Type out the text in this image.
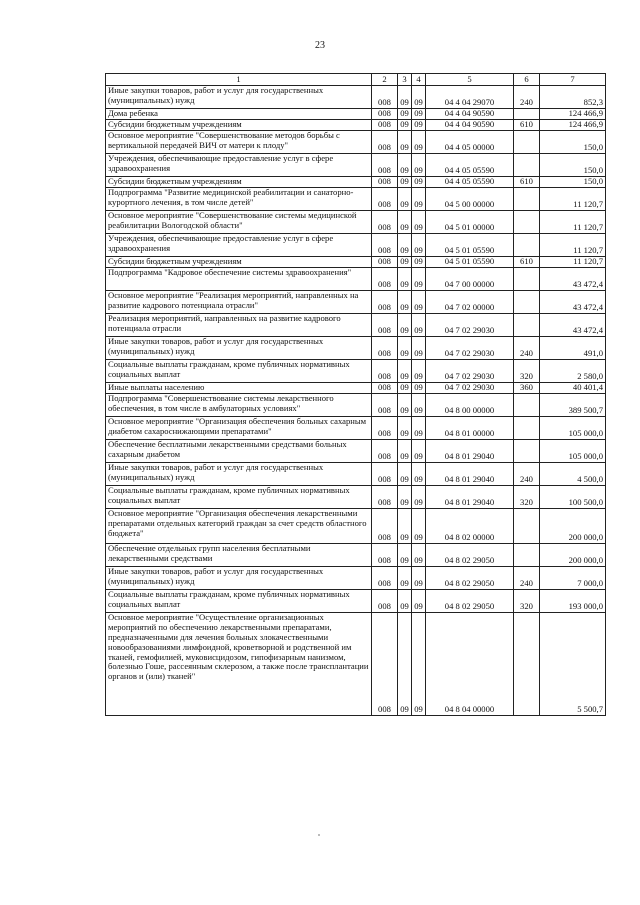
23
1	2	3	4	5	6	7
Иные закупки товаров, работ и услуг для государственных (муниципальных) нужд	008	09	09	04 4 04 29070	240	852,3
Дома ребенка	008	09	09	04 4 04 90590		124 466,9
Субсидии бюджетным учреждениям	008	09	09	04 4 04 90590	610	124 466,9
Основное мероприятие "Совершенствование методов борьбы с вертикальной передачей ВИЧ от матери к плоду"	008	09	09	04 4 05 00000		150,0
Учреждения, обеспечивающие предоставление услуг в сфере здравоохранения	008	09	09	04 4 05 05590		150,0
Субсидии бюджетным учреждениям	008	09	09	04 4 05 05590	610	150,0
Подпрограмма "Развитие медицинской реабилитации и санаторно-курортного лечения, в том числе детей"	008	09	09	04 5 00 00000		11 120,7
Основное мероприятие "Совершенствование системы медицинской реабилитации Вологодской области"	008	09	09	04 5 01 00000		11 120,7
Учреждения, обеспечивающие предоставление услуг в сфере здравоохранения	008	09	09	04 5 01 05590		11 120,7
Субсидии бюджетным учреждениям	008	09	09	04 5 01 05590	610	11 120,7
Подпрограмма "Кадровое обеспечение системы здравоохранения"	008	09	09	04 7 00 00000		43 472,4
Основное мероприятие "Реализация мероприятий, направленных на развитие кадрового потенциала отрасли"	008	09	09	04 7 02 00000		43 472,4
Реализация мероприятий, направленных на развитие кадрового потенциала отрасли	008	09	09	04 7 02 29030		43 472,4
Иные закупки товаров, работ и услуг для государственных (муниципальных) нужд	008	09	09	04 7 02 29030	240	491,0
Социальные выплаты гражданам, кроме публичных нормативных социальных выплат	008	09	09	04 7 02 29030	320	2 580,0
Иные выплаты населению	008	09	09	04 7 02 29030	360	40 401,4
Подпрограмма "Совершенствование системы лекарственного обеспечения, в том числе в амбулаторных условиях"	008	09	09	04 8 00 00000		389 500,7
Основное мероприятие "Организация обеспечения больных сахарным диабетом сахароснижающими препаратами"	008	09	09	04 8 01 00000		105 000,0
Обеспечение бесплатными лекарственными средствами больных сахарным диабетом	008	09	09	04 8 01 29040		105 000,0
Иные закупки товаров, работ и услуг для государственных (муниципальных) нужд	008	09	09	04 8 01 29040	240	4 500,0
Социальные выплаты гражданам, кроме публичных нормативных социальных выплат	008	09	09	04 8 01 29040	320	100 500,0
Основное мероприятие "Организация обеспечения лекарственными препаратами отдельных категорий граждан за счет средств областного бюджета"	008	09	09	04 8 02 00000		200 000,0
Обеспечение отдельных групп населения бесплатными лекарственными средствами	008	09	09	04 8 02 29050		200 000,0
Иные закупки товаров, работ и услуг для государственных (муниципальных) нужд	008	09	09	04 8 02 29050	240	7 000,0
Социальные выплаты гражданам, кроме публичных нормативных социальных выплат	008	09	09	04 8 02 29050	320	193 000,0
Основное мероприятие "Осуществление организационных мероприятий по обеспечению лекарственными препаратами, предназначенными для лечения больных злокачественными новообразованиями лимфоидной, кроветворной и родственной им тканей, гемофилией, муковисцидозом, гипофизарным нанизмом, болезнью Гоше, рассеянным склерозом, а также после трансплантации органов и (или) тканей"	008	09	09	04 8 04 00000		5 500,7
